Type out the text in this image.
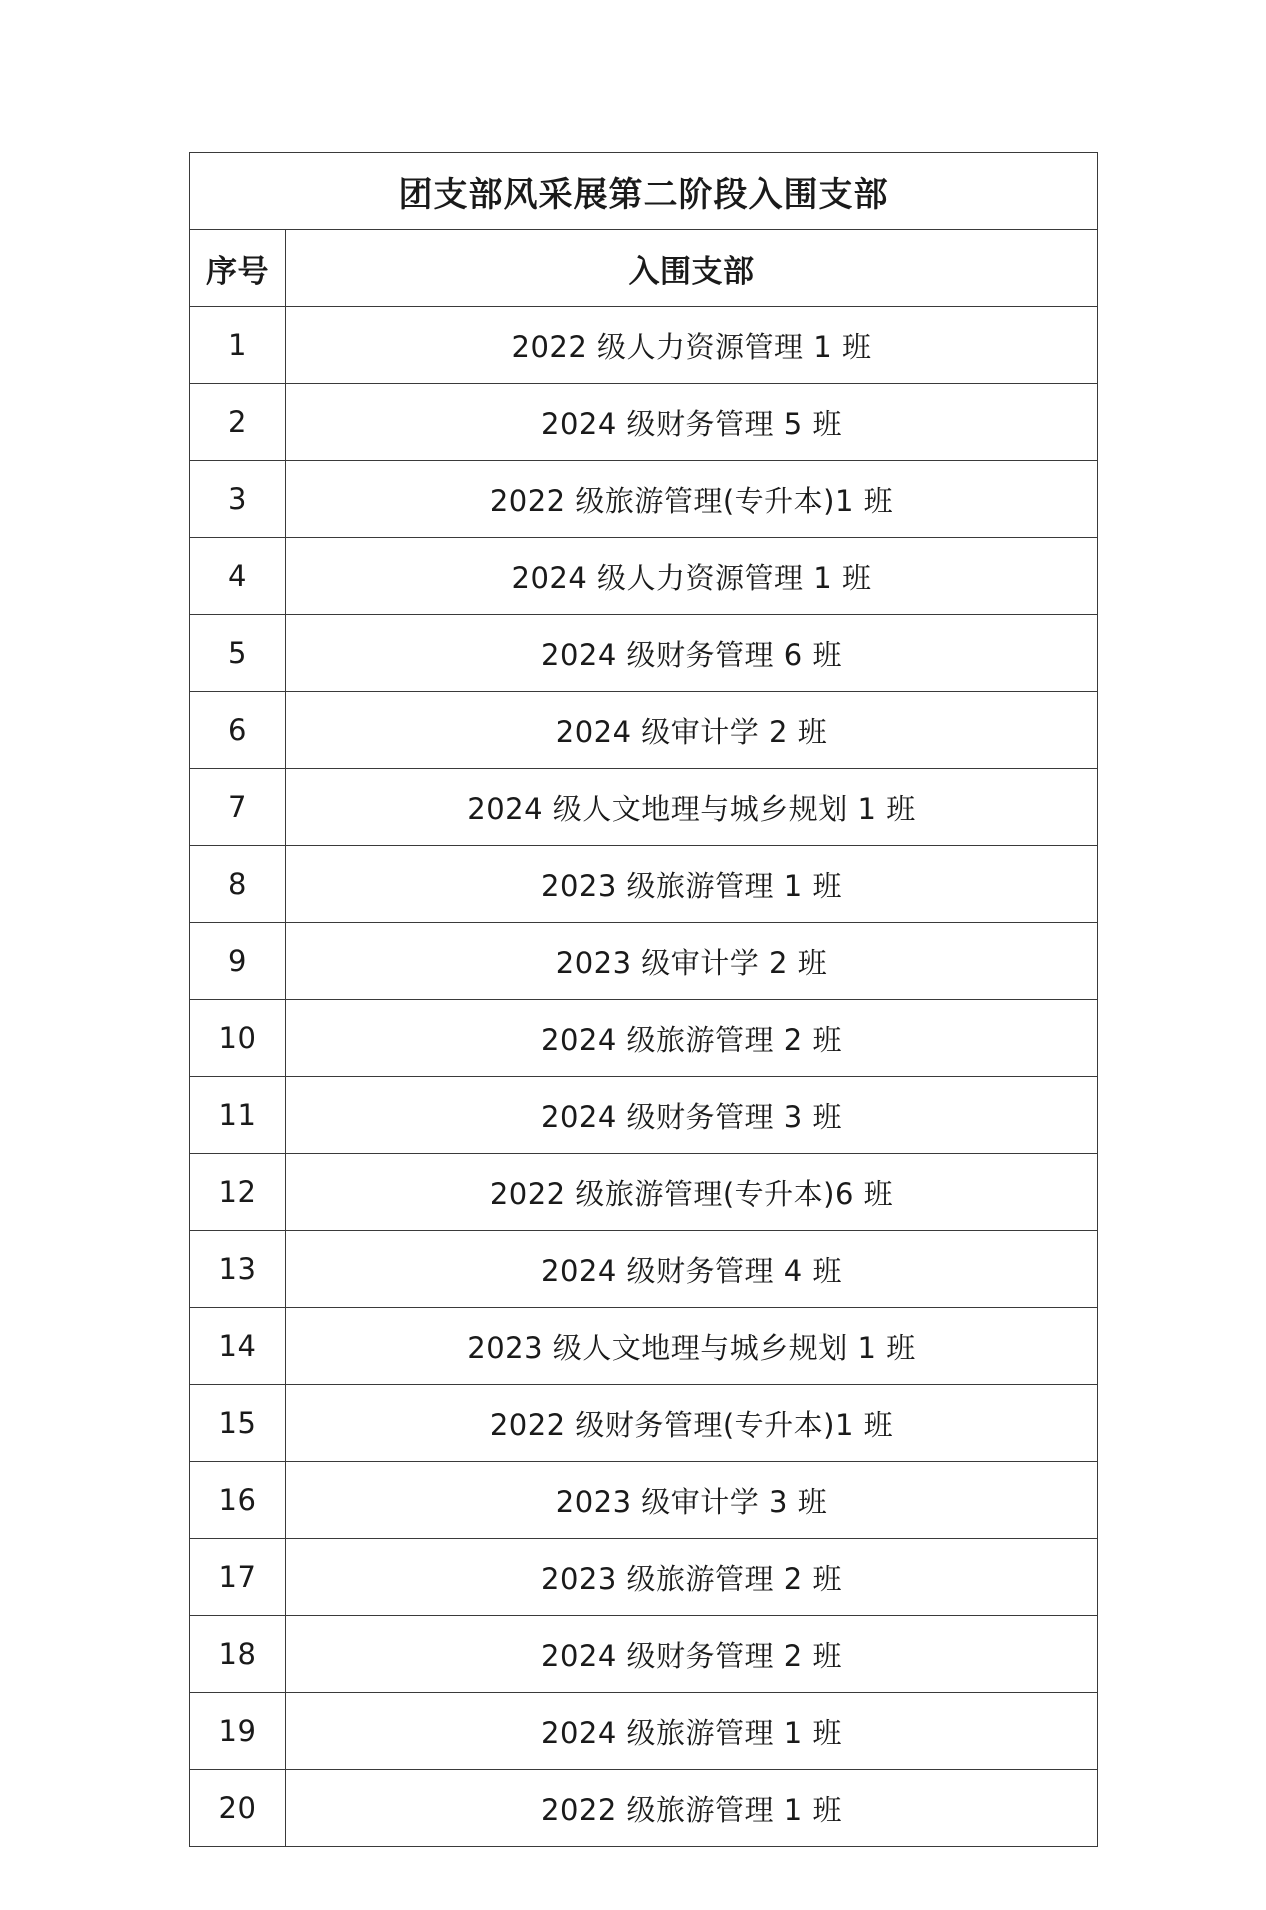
团支部风采展第二阶段入围支部	
序号	入围支部
1	2022 级人力资源管理 1 班
2	2024 级财务管理 5 班
3	2022 级旅游管理(专升本)1 班
4	2024 级人力资源管理 1 班
5	2024 级财务管理 6 班
6	2024 级审计学 2 班
7	2024 级人文地理与城乡规划 1 班
8	2023 级旅游管理 1 班
9	2023 级审计学 2 班
10	2024 级旅游管理 2 班
11	2024 级财务管理 3 班
12	2022 级旅游管理(专升本)6 班
13	2024 级财务管理 4 班
14	2023 级人文地理与城乡规划 1 班
15	2022 级财务管理(专升本)1 班
16	2023 级审计学 3 班
17	2023 级旅游管理 2 班
18	2024 级财务管理 2 班
19	2024 级旅游管理 1 班
20	2022 级旅游管理 1 班
